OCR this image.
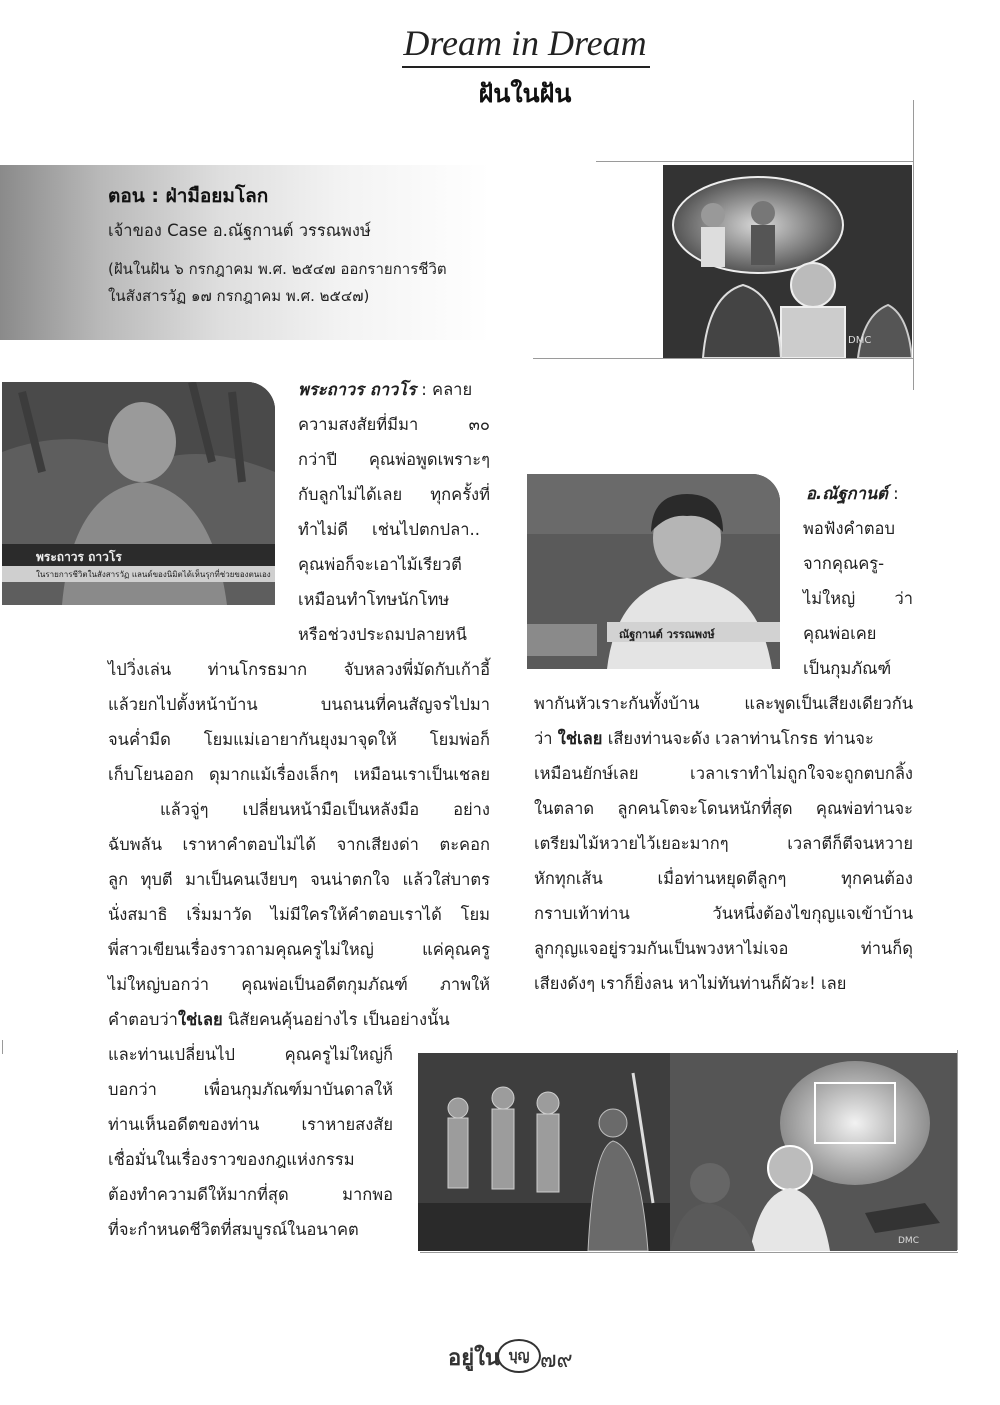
Dream in Dream
ฝันในฝัน
ตอน : ฝ่ามือยมโลก
เจ้าของ Case อ.ณัฐกานต์ วรรณพงษ์
(ฝันในฝัน ๖ กรกฎาคม พ.ศ. ๒๕๔๗ ออกรายการชีวิต
ในสังสารวัฏ ๑๗ กรกฎาคม พ.ศ. ๒๕๔๗)
DMC
พระถาวร ถาวโร
ในรายการชีวิตในสังสารวัฏ แลนด์ของนิมิตได้เห็นรุกที่ช่วยของตนเอง
ณัฐกานต์ วรรณพงษ์
DMC
พระถาวร ถาวโร : คลาย
ความสงสัยที่มีมา ๓๐
กว่าปี คุณพ่อพูดเพราะๆ
กับลูกไม่ได้เลย ทุกครั้งที่
ทำไม่ดี เช่นไปตกปลา..
คุณพ่อก็จะเอาไม้เรียวตี
เหมือนทำโทษนักโทษ
หรือช่วงประถมปลายหนี
ไปวิ่งเล่น ท่านโกรธมาก จับหลวงพี่มัดกับเก้าอี้
แล้วยกไปตั้งหน้าบ้าน บนถนนที่คนสัญจรไปมา
จนค่ำมืด โยมแม่เอายากันยุงมาจุดให้ โยมพ่อก็
เก็บโยนออก ดุมากแม้เรื่องเล็กๆ เหมือนเราเป็นเชลย
แล้วจู่ๆ เปลี่ยนหน้ามือเป็นหลังมือ อย่าง
ฉับพลัน เราหาคำตอบไม่ได้ จากเสียงด่า ตะคอก
ลูก ทุบตี มาเป็นคนเงียบๆ จนน่าตกใจ แล้วใส่บาตร
นั่งสมาธิ เริ่มมาวัด ไม่มีใครให้คำตอบเราได้ โยม
พี่สาวเขียนเรื่องราวถามคุณครูไม่ใหญ่ แค่คุณครู
ไม่ใหญ่บอกว่า คุณพ่อเป็นอดีตกุมภัณฑ์ ภาพให้
คำตอบว่าใช่เลย นิสัยคนคุ้นอย่างไร เป็นอย่างนั้น
และท่านเปลี่ยนไป คุณครูไม่ใหญ่ก็
บอกว่า เพื่อนกุมภัณฑ์มาบันดาลให้
ท่านเห็นอดีตของท่าน เราหายสงสัย
เชื่อมั่นในเรื่องราวของกฎแห่งกรรม
ต้องทำความดีให้มากที่สุด มากพอ
ที่จะกำหนดชีวิตที่สมบูรณ์ในอนาคต
อ.ณัฐกานต์ :
พอฟังคำตอบ
จากคุณครู-
ไม่ใหญ่ ว่า
คุณพ่อเคย
เป็นกุมภัณฑ์
พากันหัวเราะกันทั้งบ้าน และพูดเป็นเสียงเดียวกัน
ว่า ใช่เลย เสียงท่านจะดัง เวลาท่านโกรธ ท่านจะ
เหมือนยักษ์เลย เวลาเราทำไม่ถูกใจจะถูกตบกลิ้ง
ในตลาด ลูกคนโตจะโดนหนักที่สุด คุณพ่อท่านจะ
เตรียมไม้หวายไว้เยอะมากๆ เวลาตีก็ตีจนหวาย
หักทุกเส้น เมื่อท่านหยุดตีลูกๆ ทุกคนต้อง
กราบเท้าท่าน วันหนึ่งต้องไขกุญแจเข้าบ้าน
ลูกกุญแจอยู่รวมกันเป็นพวงหาไม่เจอ ท่านก็ดุ
เสียงดังๆ เราก็ยิ่งลน หาไม่ทันท่านก็ผัวะ! เลย
อยู่ใน บุญ ๗๙
